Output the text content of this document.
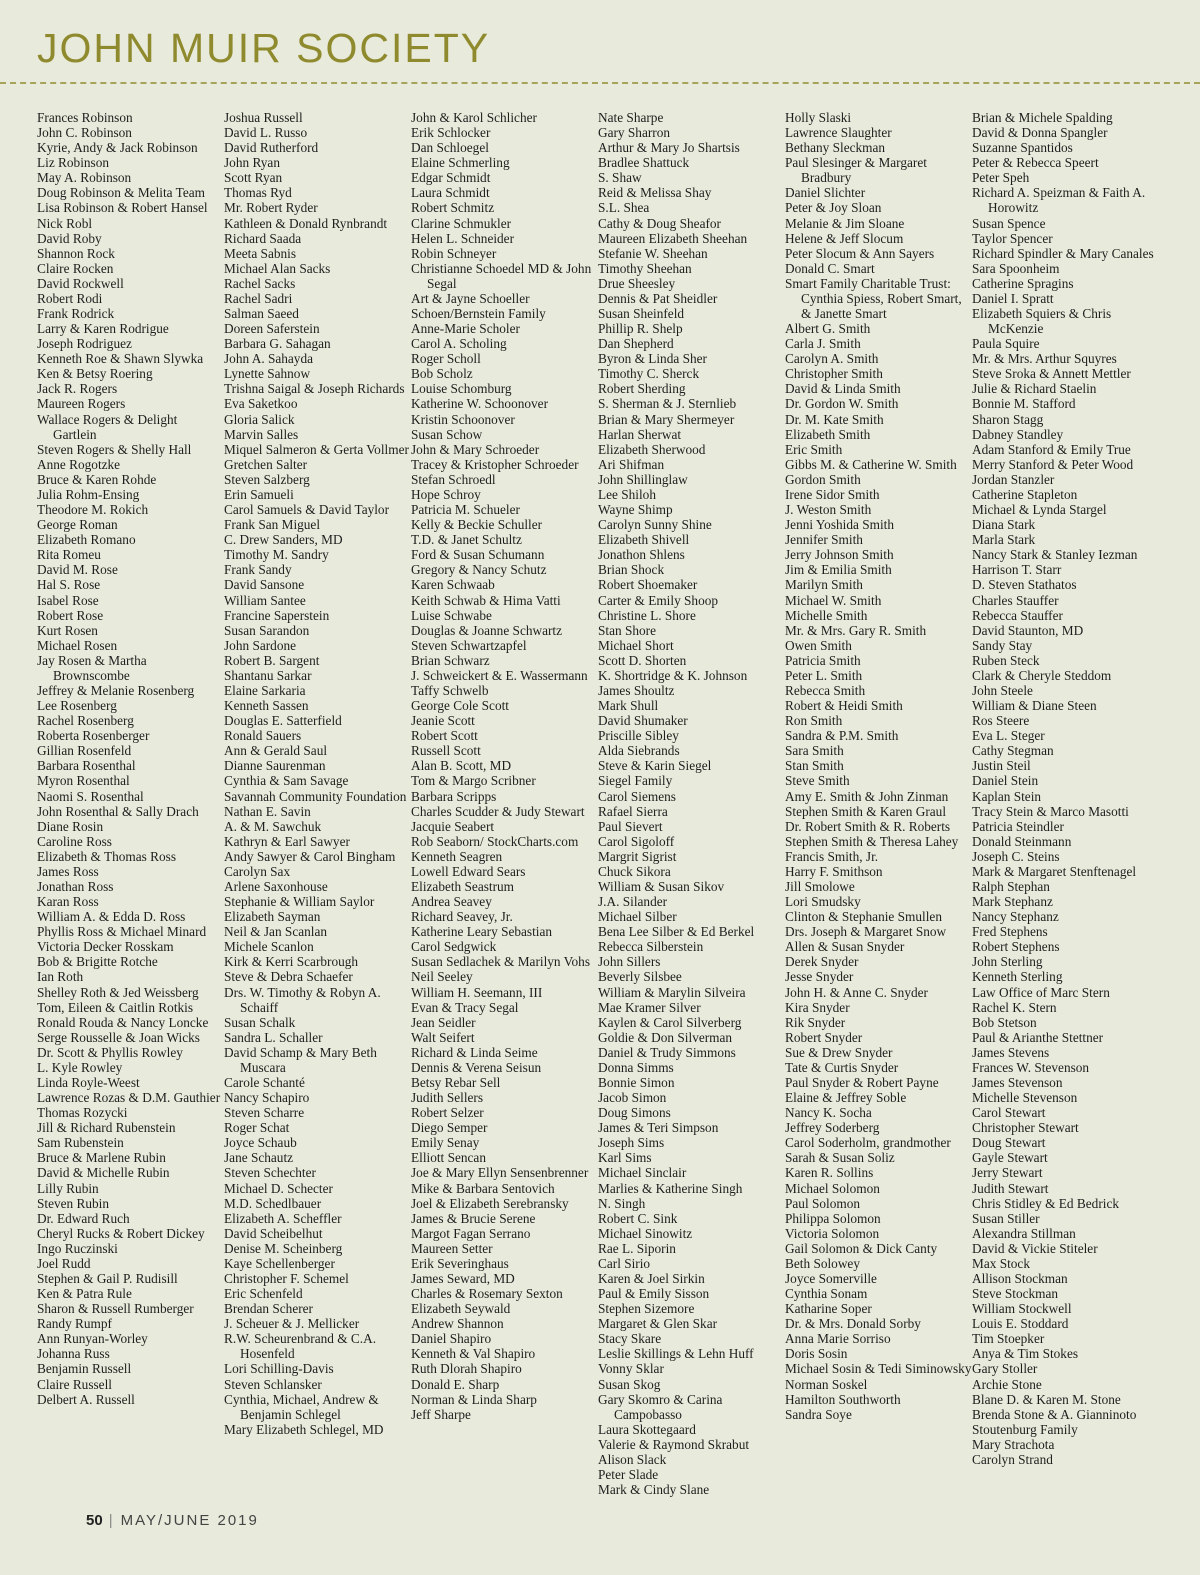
JOHN MUIR SOCIETY
Frances Robinson
John C. Robinson
Kyrie, Andy & Jack Robinson
Liz Robinson
May A. Robinson
Doug Robinson & Melita Team
Lisa Robinson & Robert Hansel
Nick Robl
David Roby
Shannon Rock
Claire Rocken
David Rockwell
Robert Rodi
Frank Rodrick
Larry & Karen Rodrigue
Joseph Rodriguez
Kenneth Roe & Shawn Slywka
Ken & Betsy Roering
Jack R. Rogers
Maureen Rogers
Wallace Rogers & Delight Gartlein
Steven Rogers & Shelly Hall
Anne Rogotzke
Bruce & Karen Rohde
Julia Rohm-Ensing
Theodore M. Rokich
George Roman
Elizabeth Romano
Rita Romeu
David M. Rose
Hal S. Rose
Isabel Rose
Robert Rose
Kurt Rosen
Michael Rosen
Jay Rosen & Martha Brownscombe
Jeffrey & Melanie Rosenberg
Lee Rosenberg
Rachel Rosenberg
Roberta Rosenberger
Gillian Rosenfeld
Barbara Rosenthal
Myron Rosenthal
Naomi S. Rosenthal
John Rosenthal & Sally Drach
Diane Rosin
Caroline Ross
Elizabeth & Thomas Ross
James Ross
Jonathan Ross
Karan Ross
William A. & Edda D. Ross
Phyllis Ross & Michael Minard
Victoria Decker Rosskam
Bob & Brigitte Rotche
Ian Roth
Shelley Roth & Jed Weissberg
Tom, Eileen & Caitlin Rotkis
Ronald Rouda & Nancy Loncke
Serge Rousselle & Joan Wicks
Dr. Scott & Phyllis Rowley
L. Kyle Rowley
Linda Royle-Weest
Lawrence Rozas & D.M. Gauthier
Thomas Rozycki
Jill & Richard Rubenstein
Sam Rubenstein
Bruce & Marlene Rubin
David & Michelle Rubin
Lilly Rubin
Steven Rubin
Dr. Edward Ruch
Cheryl Rucks & Robert Dickey
Ingo Ruczinski
Joel Rudd
Stephen & Gail P. Rudisill
Ken & Patra Rule
Sharon & Russell Rumberger
Randy Rumpf
Ann Runyan-Worley
Johanna Russ
Benjamin Russell
Claire Russell
Delbert A. Russell
Joshua Russell
David L. Russo
David Rutherford
John Ryan
Scott Ryan
Thomas Ryd
Mr. Robert Ryder
Kathleen & Donald Rynbrandt
Richard Saada
Meeta Sabnis
Michael Alan Sacks
Rachel Sacks
Rachel Sadri
Salman Saeed
Doreen Saferstein
Barbara G. Sahagan
John A. Sahayda
Lynette Sahnow
Trishna Saigal & Joseph Richards
Eva Saketkoo
Gloria Salick
Marvin Salles
Miquel Salmeron & Gerta Vollmer
Gretchen Salter
Steven Salzberg
Erin Samueli
Carol Samuels & David Taylor
Frank San Miguel
C. Drew Sanders, MD
Timothy M. Sandry
Frank Sandy
David Sansone
William Santee
Francine Saperstein
Susan Sarandon
John Sardone
Robert B. Sargent
Shantanu Sarkar
Elaine Sarkaria
Kenneth Sassen
Douglas E. Satterfield
Ronald Sauers
Ann & Gerald Saul
Dianne Saurenman
Cynthia & Sam Savage
Savannah Community Foundation
Nathan E. Savin
A. & M. Sawchuk
Kathryn & Earl Sawyer
Andy Sawyer & Carol Bingham
Carolyn Sax
Arlene Saxonhouse
Stephanie & William Saylor
Elizabeth Sayman
Neil & Jan Scanlan
Michele Scanlon
Kirk & Kerri Scarbrough
Steve & Debra Schaefer
Drs. W. Timothy & Robyn A. Schaiff
Susan Schalk
Sandra L. Schaller
David Schamp & Mary Beth Muscara
Carole Schanté
Nancy Schapiro
Steven Scharre
Roger Schat
Joyce Schaub
Jane Schautz
Steven Schechter
Michael D. Schecter
M.D. Schedlbauer
Elizabeth A. Scheffler
David Scheibelhut
Denise M. Scheinberg
Kaye Schellenberger
Christopher F. Schemel
Eric Schenfeld
Brendan Scherer
J. Scheuer & J. Mellicker
R.W. Scheurenbrand & C.A. Hosenfeld
Lori Schilling-Davis
Steven Schlansker
Cynthia, Michael, Andrew & Benjamin Schlegel
Mary Elizabeth Schlegel, MD
John & Karol Schlicher
Erik Schlocker
Dan Schloegel
Elaine Schmerling
Edgar Schmidt
Laura Schmidt
Robert Schmitz
Clarine Schmukler
Helen L. Schneider
Robin Schneyer
Christianne Schoedel MD & John Segal
Art & Jayne Schoeller
Schoen/Bernstein Family
Anne-Marie Scholer
Carol A. Scholing
Roger Scholl
Bob Scholz
Louise Schomburg
Katherine W. Schoonover
Kristin Schoonover
Susan Schow
John & Mary Schroeder
Tracey & Kristopher Schroeder
Stefan Schroedl
Hope Schroy
Patricia M. Schueler
Kelly & Beckie Schuller
T.D. & Janet Schultz
Ford & Susan Schumann
Gregory & Nancy Schutz
Karen Schwaab
Keith Schwab & Hima Vatti
Luise Schwabe
Douglas & Joanne Schwartz
Steven Schwartzapfel
Brian Schwarz
J. Schweickert & E. Wassermann
Taffy Schwelb
George Cole Scott
Jeanie Scott
Robert Scott
Russell Scott
Alan B. Scott, MD
Tom & Margo Scribner
Barbara Scripps
Charles Scudder & Judy Stewart
Jacquie Seabert
Rob Seaborn/ StockCharts.com
Kenneth Seagren
Lowell Edward Sears
Elizabeth Seastrum
Andrea Seavey
Richard Seavey, Jr.
Katherine Leary Sebastian
Carol Sedgwick
Susan Sedlachek & Marilyn Vohs
Neil Seeley
William H. Seemann, III
Evan & Tracy Segal
Jean Seidler
Walt Seifert
Richard & Linda Seime
Dennis & Verena Seisun
Betsy Rebar Sell
Judith Sellers
Robert Selzer
Diego Semper
Emily Senay
Elliott Sencan
Joe & Mary Ellyn Sensenbrenner
Mike & Barbara Sentovich
Joel & Elizabeth Serebransky
James & Brucie Serene
Margot Fagan Serrano
Maureen Setter
Erik Severinghaus
James Seward, MD
Charles & Rosemary Sexton
Elizabeth Seywald
Andrew Shannon
Daniel Shapiro
Kenneth & Val Shapiro
Ruth Dlorah Shapiro
Donald E. Sharp
Norman & Linda Sharp
Jeff Sharpe
Nate Sharpe
Gary Sharron
Arthur & Mary Jo Shartsis
Bradlee Shattuck
S. Shaw
Reid & Melissa Shay
S.L. Shea
Cathy & Doug Sheafor
Maureen Elizabeth Sheehan
Stefanie W. Sheehan
Timothy Sheehan
Drue Sheesley
Dennis & Pat Sheidler
Susan Sheinfeld
Phillip R. Shelp
Dan Shepherd
Byron & Linda Sher
Timothy C. Sherck
Robert Sherding
S. Sherman & J. Sternlieb
Brian & Mary Shermeyer
Harlan Sherwat
Elizabeth Sherwood
Ari Shifman
John Shillinglaw
Lee Shiloh
Wayne Shimp
Carolyn Sunny Shine
Elizabeth Shivell
Jonathon Shlens
Brian Shock
Robert Shoemaker
Carter & Emily Shoop
Christine L. Shore
Stan Shore
Michael Short
Scott D. Shorten
K. Shortridge & K. Johnson
James Shoultz
Mark Shull
David Shumaker
Priscille Sibley
Alda Siebrands
Steve & Karin Siegel
Siegel Family
Carol Siemens
Rafael Sierra
Paul Sievert
Carol Sigoloff
Margrit Sigrist
Chuck Sikora
William & Susan Sikov
J.A. Silander
Michael Silber
Bena Lee Silber & Ed Berkel
Rebecca Silberstein
John Sillers
Beverly Silsbee
William & Marylin Silveira
Mae Kramer Silver
Kaylen & Carol Silverberg
Goldie & Don Silverman
Daniel & Trudy Simmons
Donna Simms
Bonnie Simon
Jacob Simon
Doug Simons
James & Teri Simpson
Joseph Sims
Karl Sims
Michael Sinclair
Marlies & Katherine Singh
N. Singh
Robert C. Sink
Michael Sinowitz
Rae L. Siporin
Carl Sirio
Karen & Joel Sirkin
Paul & Emily Sisson
Stephen Sizemore
Margaret & Glen Skar
Stacy Skare
Leslie Skillings & Lehn Huff
Vonny Sklar
Susan Skog
Gary Skomro & Carina Campobasso
Laura Skottegaard
Valerie & Raymond Skrabut
Alison Slack
Peter Slade
Mark & Cindy Slane
Holly Slaski
Lawrence Slaughter
Bethany Sleckman
Paul Slesinger & Margaret Bradbury
Daniel Slichter
Peter & Joy Sloan
Melanie & Jim Sloane
Helene & Jeff Slocum
Peter Slocum & Ann Sayers
Donald C. Smart
Smart Family Charitable Trust: Cynthia Spiess, Robert Smart, & Janette Smart
Albert G. Smith
Carla J. Smith
Carolyn A. Smith
Christopher Smith
David & Linda Smith
Dr. Gordon W. Smith
Dr. M. Kate Smith
Elizabeth Smith
Eric Smith
Gibbs M. & Catherine W. Smith
Gordon Smith
Irene Sidor Smith
J. Weston Smith
Jenni Yoshida Smith
Jennifer Smith
Jerry Johnson Smith
Jim & Emilia Smith
Marilyn Smith
Michael W. Smith
Michelle Smith
Mr. & Mrs. Gary R. Smith
Owen Smith
Patricia Smith
Peter L. Smith
Rebecca Smith
Robert & Heidi Smith
Ron Smith
Sandra & P.M. Smith
Sara Smith
Stan Smith
Steve Smith
Amy E. Smith & John Zinman
Stephen Smith & Karen Graul
Dr. Robert Smith & R. Roberts
Stephen Smith & Theresa Lahey
Francis Smith, Jr.
Harry F. Smithson
Jill Smolowe
Lori Smudsky
Clinton & Stephanie Smullen
Drs. Joseph & Margaret Snow
Allen & Susan Snyder
Derek Snyder
Jesse Snyder
John H. & Anne C. Snyder
Kira Snyder
Rik Snyder
Robert Snyder
Sue & Drew Snyder
Tate & Curtis Snyder
Paul Snyder & Robert Payne
Elaine & Jeffrey Soble
Nancy K. Socha
Jeffrey Soderberg
Carol Soderholm, grandmother
Sarah & Susan Soliz
Karen R. Sollins
Michael Solomon
Paul Solomon
Philippa Solomon
Victoria Solomon
Gail Solomon & Dick Canty
Beth Solowey
Joyce Somerville
Cynthia Sonam
Katharine Soper
Dr. & Mrs. Donald Sorby
Anna Marie Sorriso
Doris Sosin
Michael Sosin & Tedi Siminowsky
Norman Soskel
Hamilton Southworth
Sandra Soye
Brian & Michele Spalding
David & Donna Spangler
Suzanne Spantidos
Peter & Rebecca Speert
Peter Speh
Richard A. Speizman & Faith A. Horowitz
Susan Spence
Taylor Spencer
Richard Spindler & Mary Canales
Sara Spoonheim
Catherine Spragins
Daniel I. Spratt
Elizabeth Squiers & Chris McKenzie
Paula Squire
Mr. & Mrs. Arthur Squyres
Steve Sroka & Annett Mettler
Julie & Richard Staelin
Bonnie M. Stafford
Sharon Stagg
Dabney Standley
Adam Stanford & Emily True
Merry Stanford & Peter Wood
Jordan Stanzler
Catherine Stapleton
Michael & Lynda Stargel
Diana Stark
Marla Stark
Nancy Stark & Stanley Iezman
Harrison T. Starr
D. Steven Stathatos
Charles Stauffer
Rebecca Stauffer
David Staunton, MD
Sandy Stay
Ruben Steck
Clark & Cheryle Steddom
John Steele
William & Diane Steen
Ros Steere
Eva L. Steger
Cathy Stegman
Justin Steil
Daniel Stein
Kaplan Stein
Tracy Stein & Marco Masotti
Patricia Steindler
Donald Steinmann
Joseph C. Steins
Mark & Margaret Stenftenagel
Ralph Stephan
Mark Stephanz
Nancy Stephanz
Fred Stephens
Robert Stephens
John Sterling
Kenneth Sterling
Law Office of Marc Stern
Rachel K. Stern
Bob Stetson
Paul & Arianthe Stettner
James Stevens
Frances W. Stevenson
James Stevenson
Michelle Stevenson
Carol Stewart
Christopher Stewart
Doug Stewart
Gayle Stewart
Jerry Stewart
Judith Stewart
Chris Stidley & Ed Bedrick
Susan Stiller
Alexandra Stillman
David & Vickie Stiteler
Max Stock
Allison Stockman
Steve Stockman
William Stockwell
Louis E. Stoddard
Tim Stoepker
Anya & Tim Stokes
Gary Stoller
Archie Stone
Blane D. & Karen M. Stone
Brenda Stone & A. Gianninoto
Stoutenburg Family
Mary Strachota
Carolyn Strand
50 | MAY/JUNE 2019
